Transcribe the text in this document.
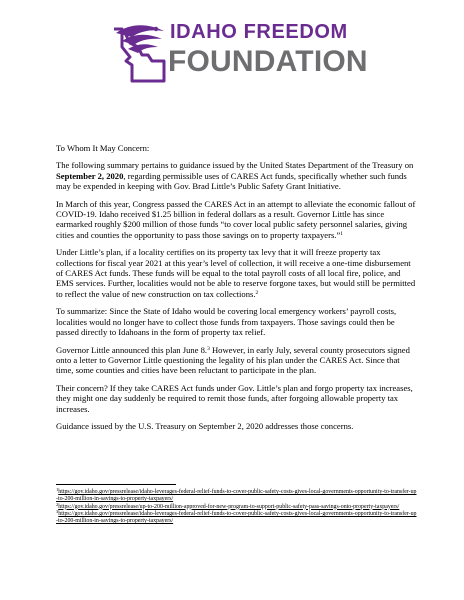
IDAHO FREEDOM
FOUNDATION

To Whom It May Concern:

The following summary pertains to guidance issued by the United States Department of the Treasury on September 2, 2020, regarding permissible uses of CARES Act funds, specifically whether such funds may be expended in keeping with Gov. Brad Little’s Public Safety Grant Initiative.

In March of this year, Congress passed the CARES Act in an attempt to alleviate the economic fallout of COVID-19. Idaho received $1.25 billion in federal dollars as a result. Governor Little has since earmarked roughly $200 million of those funds “to cover local public safety personnel salaries, giving cities and counties the opportunity to pass those savings on to property taxpayers.”$^1$

Under Little’s plan, if a locality certifies on its property tax levy that it will freeze property tax collections for fiscal year 2021 at this year’s level of collection, it will receive a one-time disbursement of CARES Act funds. These funds will be equal to the total payroll costs of all local fire, police, and EMS services. Further, localities would not be able to reserve forgone taxes, but would still be permitted to reflect the value of new construction on tax collections.$^2$

To summarize: Since the State of Idaho would be covering local emergency workers’ payroll costs, localities would no longer have to collect those funds from taxpayers. Those savings could then be passed directly to Idahoans in the form of property tax relief.

Governor Little announced this plan June 8.$^3$ However, in early July, several county prosecutors signed onto a letter to Governor Little questioning the legality of his plan under the CARES Act. Since that time, some counties and cities have been reluctant to participate in the plan.

Their concern? If they take CARES Act funds under Gov. Little’s plan and forgo property tax increases, they might one day suddenly be required to remit those funds, after forgoing allowable property tax increases.

Guidance issued by the U.S. Treasury on September 2, 2020 addresses those concerns.

$^1$https://gov.idaho.gov/pressrelease/idaho-leverages-federal-relief-funds-to-cover-public-safety-costs-gives-local-governments-opportunity-to-transfer-up-to-200-million-in-savings-to-property-taxpayers/
$^2$https://gov.idaho.gov/pressrelease/up-to-200-million-approved-for-new-program-to-support-public-safety-pass-savings-onto-property-taxpayers/
$^3$https://gov.idaho.gov/pressrelease/idaho-leverages-federal-relief-funds-to-cover-public-safety-costs-gives-local-governments-opportunity-to-transfer-up-to-200-million-in-savings-to-property-taxpayers/
